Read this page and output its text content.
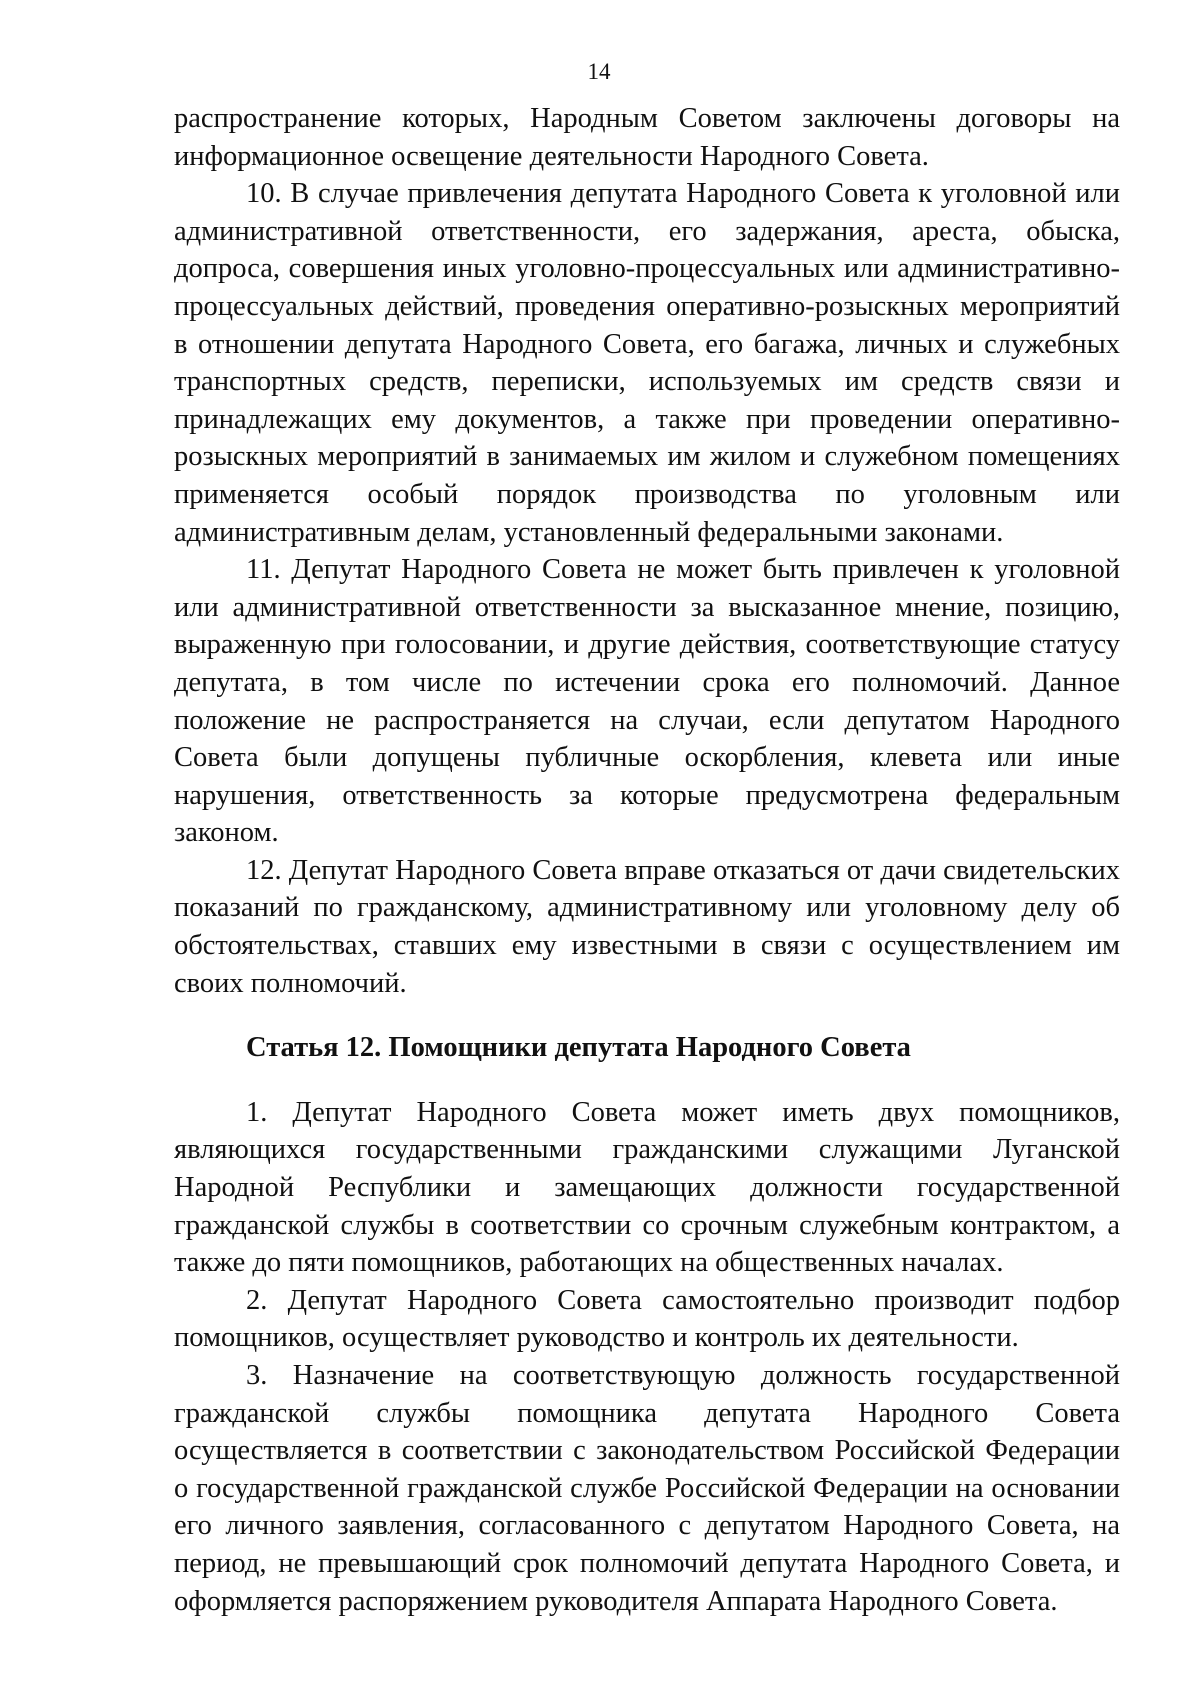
14

распространение которых, Народным Советом заключены договоры на информационное освещение деятельности Народного Совета.

10. В случае привлечения депутата Народного Совета к уголовной или административной ответственности, его задержания, ареста, обыска, допроса, совершения иных уголовно-процессуальных или административно-процессуальных действий, проведения оперативно-розыскных мероприятий в отношении депутата Народного Совета, его багажа, личных и служебных транспортных средств, переписки, используемых им средств связи и принадлежащих ему документов, а также при проведении оперативно-розыскных мероприятий в занимаемых им жилом и служебном помещениях применяется особый порядок производства по уголовным или административным делам, установленный федеральными законами.

11. Депутат Народного Совета не может быть привлечен к уголовной или административной ответственности за высказанное мнение, позицию, выраженную при голосовании, и другие действия, соответствующие статусу депутата, в том числе по истечении срока его полномочий. Данное положение не распространяется на случаи, если депутатом Народного Совета были допущены публичные оскорбления, клевета или иные нарушения, ответственность за которые предусмотрена федеральным законом.

12. Депутат Народного Совета вправе отказаться от дачи свидетельских показаний по гражданскому, административному или уголовному делу об обстоятельствах, ставших ему известными в связи с осуществлением им своих полномочий.

Статья 12. Помощники депутата Народного Совета

1. Депутат Народного Совета может иметь двух помощников, являющихся государственными гражданскими служащими Луганской Народной Республики и замещающих должности государственной гражданской службы в соответствии со срочным служебным контрактом, а также до пяти помощников, работающих на общественных началах.

2. Депутат Народного Совета самостоятельно производит подбор помощников, осуществляет руководство и контроль их деятельности.

3. Назначение на соответствующую должность государственной гражданской службы помощника депутата Народного Совета осуществляется в соответствии с законодательством Российской Федерации о государственной гражданской службе Российской Федерации на основании его личного заявления, согласованного с депутатом Народного Совета, на период, не превышающий срок полномочий депутата Народного Совета, и оформляется распоряжением руководителя Аппарата Народного Совета.
